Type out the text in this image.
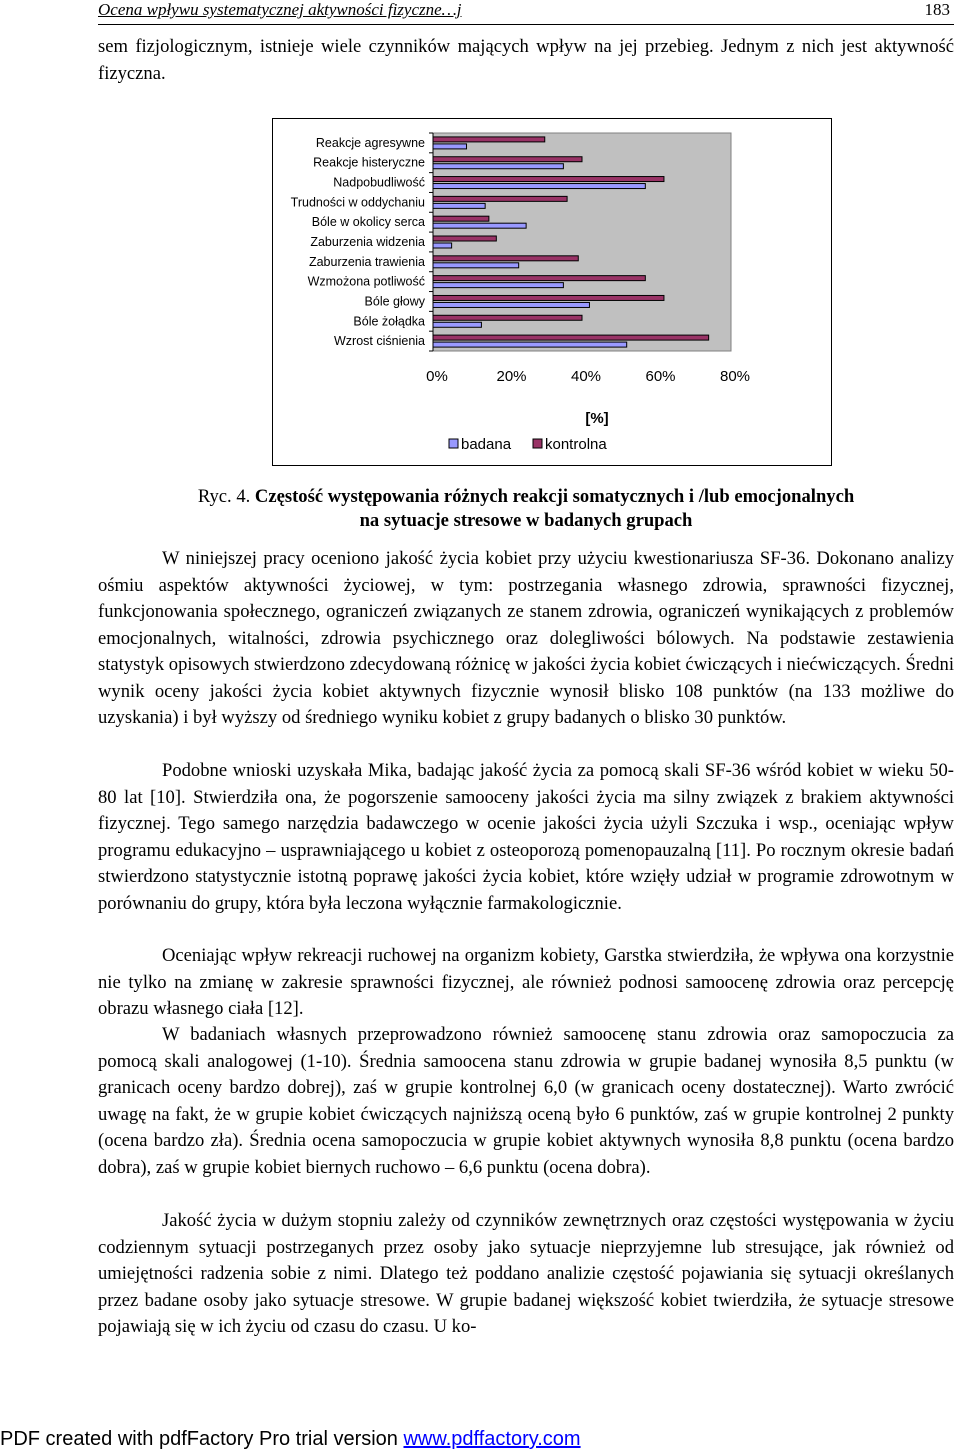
Ocena wpływu systematycznej aktywności fizyczne…j	183
sem fizjologicznym, istnieje wiele czynników mających wpływ na jej przebieg. Jednym z nich jest aktywność fizyczna.
Reakcje agresywne
Reakcje histeryczne
Nadpobudliwość
Trudności w oddychaniu
Bóle w okolicy serca
Zaburzenia widzenia
Zaburzenia trawienia
Wzmożona potliwość
Bóle głowy
Bóle żołądka
Wzrost ciśnienia
0%	20%	40%	60%	80%
[%]
badana kontrolna
Ryc. 4. Częstość występowania różnych reakcji somatycznych i /lub emocjonalnych
na sytuacje stresowe w badanych grupach
W niniejszej pracy oceniono jakość życia kobiet przy użyciu kwestionariusza SF-36. Dokonano analizy ośmiu aspektów aktywności życiowej, w tym: postrzegania własnego zdrowia, sprawności fizycznej, funkcjonowania społecznego, ograniczeń związanych ze stanem zdrowia, ograniczeń wynikających z problemów emocjonalnych, witalności, zdrowia psychicznego oraz dolegliwości bólowych. Na podstawie zestawienia statystyk opisowych stwierdzono zdecydowaną różnicę w jakości życia kobiet ćwiczących i niećwiczących. Średni wynik oceny jakości życia kobiet aktywnych fizycznie wynosił blisko 108 punktów (na 133 możliwe do uzyskania) i był wyższy od średniego wyniku kobiet z grupy badanych o blisko 30 punktów.
Podobne wnioski uzyskała Mika, badając jakość życia za pomocą skali SF-36 wśród kobiet w wieku 50-80 lat [10]. Stwierdziła ona, że pogorszenie samooceny jakości życia ma silny związek z brakiem aktywności fizycznej. Tego samego narzędzia badawczego w ocenie jakości życia użyli Szczuka i wsp., oceniając wpływ programu edukacyjno – usprawniającego u kobiet z osteoporozą pomenopauzalną [11]. Po rocznym okresie badań stwierdzono statystycznie istotną poprawę jakości życia kobiet, które wzięły udział w programie zdrowotnym w porównaniu do grupy, która była leczona wyłącznie farmakologicznie.
Oceniając wpływ rekreacji ruchowej na organizm kobiety, Garstka stwierdziła, że wpływa ona korzystnie nie tylko na zmianę w zakresie sprawności fizycznej, ale również podnosi samoocenę zdrowia oraz percepcję obrazu własnego ciała [12].
W badaniach własnych przeprowadzono również samoocenę stanu zdrowia oraz samopoczucia za pomocą skali analogowej (1-10). Średnia samoocena stanu zdrowia w grupie badanej wynosiła 8,5 punktu (w granicach oceny bardzo dobrej), zaś w grupie kontrolnej 6,0 (w granicach oceny dostatecznej). Warto zwrócić uwagę na fakt, że w grupie kobiet ćwiczących najniższą oceną było 6 punktów, zaś w grupie kontrolnej 2 punkty (ocena bardzo zła). Średnia ocena samopoczucia w grupie kobiet aktywnych wynosiła 8,8 punktu (ocena bardzo dobra), zaś w grupie kobiet biernych ruchowo – 6,6 punktu (ocena dobra).
Jakość życia w dużym stopniu zależy od czynników zewnętrznych oraz częstości występowania w życiu codziennym sytuacji postrzeganych przez osoby jako sytuacje nieprzyjemne lub stresujące, jak również od umiejętności radzenia sobie z nimi. Dlatego też poddano analizie częstość pojawiania się sytuacji określanych przez badane osoby jako sytuacje stresowe. W grupie badanej większość kobiet twierdziła, że sytuacje stresowe pojawiają się w ich życiu od czasu do czasu. U ko-
PDF created with pdfFactory Pro trial version www.pdffactory.com
